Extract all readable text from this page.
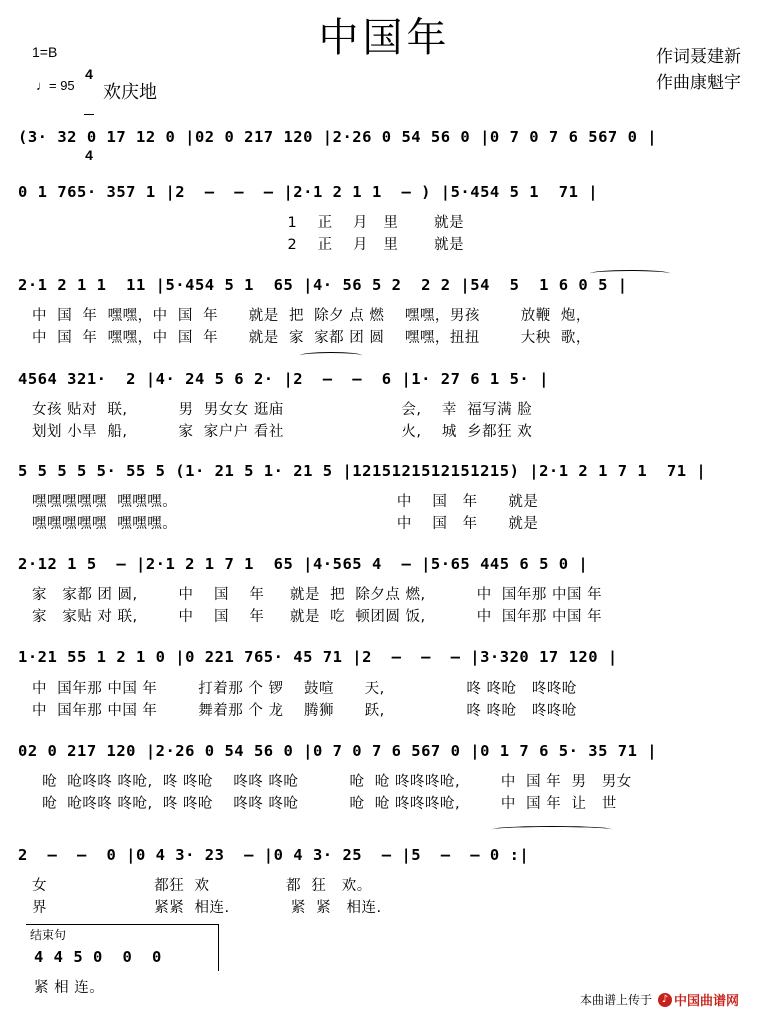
中国年
1=B

4

4

♩= 95 欢庆地
作词聂建新
作曲康魁宇
(3· 32 0 17 12 0 |02 0 217 120 |2·26 0 54 56 0 |0 7 0 7 6 567 0 |
0 1 765· 357 1 |2  –  –  – |2·1 2 1 1  – ) |5·454 5 1  71 |
1    正    月   里       就是
2    正    月   里       就是
2·1 2 1 1  11 |5·454 5 1  65 |4· 56 5 2  2 2 |54  5  1 6 0 5 |
中  国  年  嘿嘿，中  国  年      就是  把  除夕 点 燃    嘿嘿，男孩        放鞭  炮，
中  国  年  嘿嘿，中  国  年      就是  家  家都 团 圆    嘿嘿，扭扭        大秧  歌，
4564 321·  2 |4· 24 5 6 2· |2  –  –  6 |1· 27 6 1 5· |
女孩 贴对  联,          男  男女女 逛庙                       会,    幸  福写满 脸
划划 小旱  船,          家  家户户 看社                       火,    城  乡都狂 欢
5 5 5 5 5· 55 5 (1· 21 5 1· 21 5 |1215121512151215) |2·1 2 1 7 1  71 |
嘿嘿嘿嘿嘿  嘿嘿嘿。                                           中    国   年      就是
嘿嘿嘿嘿嘿  嘿嘿嘿。                                           中    国   年      就是
2·12 1 5  – |2·1 2 1 7 1  65 |4·565 4  – |5·65 445 6 5 0 |
家   家都 团 圆,        中    国    年     就是  把  除夕点 燃,          中  国年那 中国 年
家   家贴 对 联,        中    国    年     就是  吃  顿团圆 饭,          中  国年那 中国 年
1·21 55 1 2 1 0 |0 221 765· 45 71 |2  –  –  – |3·320 17 120 |
中  国年那 中国 年        打着那 个 锣    鼓喧      天,                咚 咚呛   咚咚呛
中  国年那 中国 年        舞着那 个 龙    腾狮      跃,                咚 咚呛   咚咚呛
02 0 217 120 |2·26 0 54 56 0 |0 7 0 7 6 567 0 |0 1 7 6 5· 35 71 |
呛  呛咚咚 咚呛,  咚 咚呛    咚咚 咚呛          呛  呛 咚咚咚呛,        中  国 年  男   男女
呛  呛咚咚 咚呛,  咚 咚呛    咚咚 咚呛          呛  呛 咚咚咚呛,        中  国 年  让   世
2  –  –  0 |0 4 3· 23  – |0 4 3· 25  – |5  –  – 0 :|
女                     都狂  欢               都  狂   欢。
界                     紧紧  相连.            紧  紧   相连.
结束句
4 4 5 0  0  0
紧 相 连。
本曲谱上传于 ♪ 中国曲谱网
